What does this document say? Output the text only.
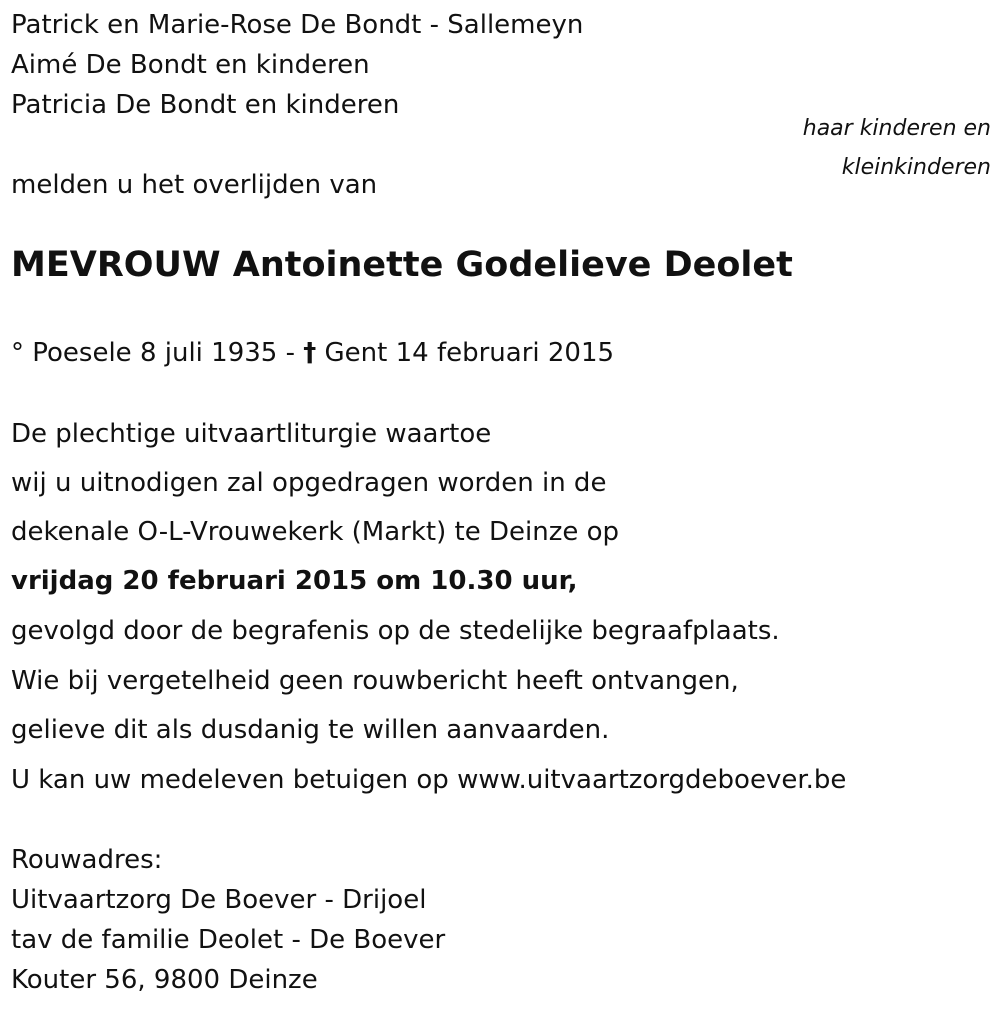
Patrick en Marie-Rose De Bondt - Sallemeyn
Aimé De Bondt en kinderen
Patricia De Bondt en kinderen
haar kinderen en
kleinkinderen
melden u het overlijden van
MEVROUW Antoinette Godelieve Deolet
° Poesele 8 juli 1935 - † Gent 14 februari 2015
De plechtige uitvaartliturgie waartoe
wij u uitnodigen zal opgedragen worden in de
dekenale O-L-Vrouwekerk (Markt) te Deinze op
vrijdag 20 februari 2015 om 10.30 uur,
gevolgd door de begrafenis op de stedelijke begraafplaats.
Wie bij vergetelheid geen rouwbericht heeft ontvangen,
gelieve dit als dusdanig te willen aanvaarden.
U kan uw medeleven betuigen op www.uitvaartzorgdeboever.be
Rouwadres:
Uitvaartzorg De Boever - Drijoel
tav de familie Deolet - De Boever
Kouter 56, 9800 Deinze
